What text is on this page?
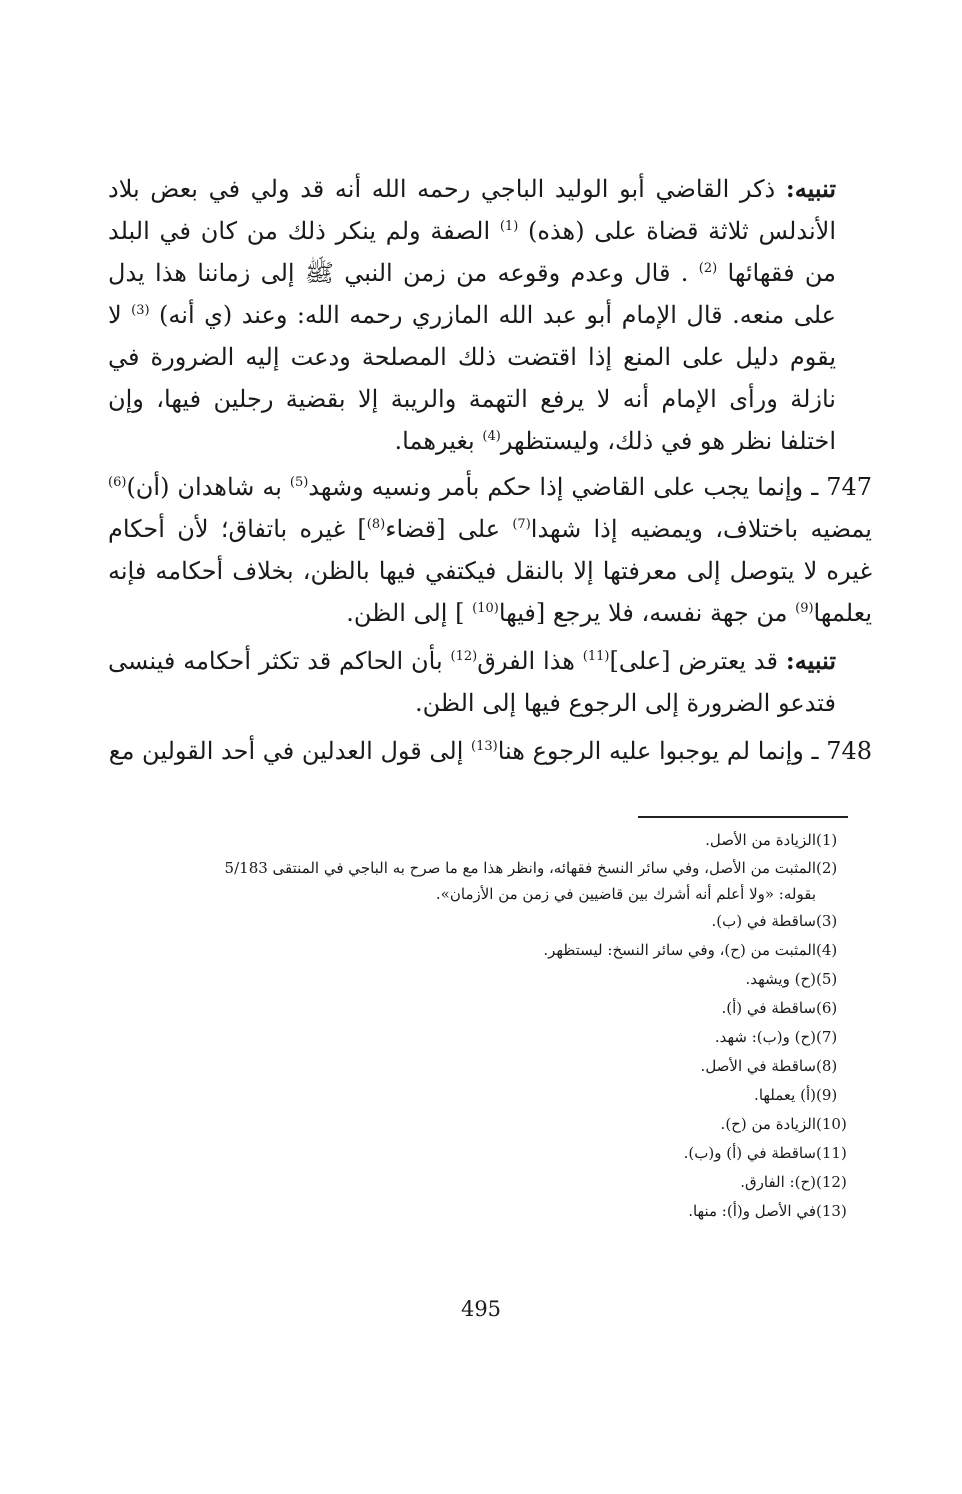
تنبيه: ذكر القاضي أبو الوليد الباجي رحمه الله أنه قد ولي في بعض بلاد الأندلس ثلاثة قضاة على (هذه) $^{(1)}$ الصفة ولم ينكر ذلك من كان في البلد من فقهائها $^{(2)}$ . قال وعدم وقوعه من زمن النبي ﷺ إلى زماننا هذا يدل على منعه. قال الإمام أبو عبد الله المازري رحمه الله: وعند (ي أنه) $^{(3)}$ لا يقوم دليل على المنع إذا اقتضت ذلك المصلحة ودعت إليه الضرورة في نازلة ورأى الإمام أنه لا يرفع التهمة والريبة إلا بقضية رجلين فيها، وإن اختلفا نظر هو في ذلك، وليستظهر$^{(4)}$ بغيرهما.

747 ـ وإنما يجب على القاضي إذا حكم بأمر ونسيه وشهد$^{(5)}$ به شاهدان (أن)$^{(6)}$ يمضيه باختلاف، ويمضيه إذا شهدا$^{(7)}$ على [قضاء$^{(8)}$] غيره باتفاق؛ لأن أحكام غيره لا يتوصل إلى معرفتها إلا بالنقل فيكتفي فيها بالظن، بخلاف أحكامه فإنه يعلمها$^{(9)}$ من جهة نفسه، فلا يرجع [فيها$^{(10)}$ ] إلى الظن.

تنبيه: قد يعترض [على]$^{(11)}$ هذا الفرق$^{(12)}$ بأن الحاكم قد تكثر أحكامه فينسى فتدعو الضرورة إلى الرجوع فيها إلى الظن.

748 ـ وإنما لم يوجبوا عليه الرجوع هنا$^{(13)}$ إلى قول العدلين في أحد القولين مع

(1)الزيادة من الأصل.
(2)المثبت من الأصل، وفي سائر النسخ فقهائه، وانظر هذا مع ما صرح به الباجي في المنتقى 5/183
بقوله: «ولا أعلم أنه أشرك بين قاضيين في زمن من الأزمان».
(3)ساقطة في (ب).
(4)المثبت من (ح)، وفي سائر النسخ: ليستظهر.
(5)(ح) ويشهد.
(6)ساقطة في (أ).
(7)(ح) و(ب): شهد.
(8)ساقطة في الأصل.
(9)(أ) يعملها.
(10)الزيادة من (ح).
(11)ساقطة في (أ) و(ب).
(12)(ح): الفارق.
(13)في الأصل و(أ): منها.
495
